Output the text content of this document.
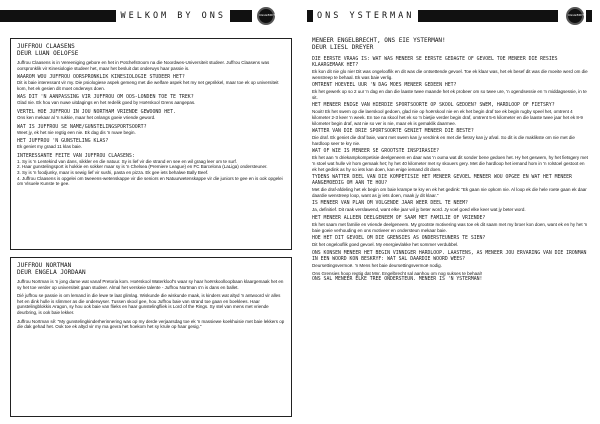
WELKOM BY ONS	CELEBRITY
JUFFROU CLAASENS
DEUR LUAN OELOFSE
Juffrou Claasens is in Vereeniging gebore en het in Potchefstroom na die Noordwes-Universiteit studeer. Juffrou Claasens was oorspronklik vir Kinesiologie studeer het, maar het besluit dat onderwys haar passie is.
WAAROM WOU JUFFROU OORSPRONKLIK KINESIOLOGIE STUDEER HET?
Dit is baie interessant vir my. Die psiologiese aspek gemeng met die welfare aspek het my net geprikkel, maar toe ek op universiteit kom, het ek gesien dit moet onderwys doen.
WAS DIT 'N AANPASSING VIR JUFFROU OM OOS-LONDEN TOE TE TREK?
Glad nie. Ek hou van nuwe uitdagings en het redelik goed by Hoërskool Grens aangepas.
VERTEL HOE JUFFROU IN JOU NORTHAM VRIENDE GEWOOND HET.
Ons ken mekaar al 'n rukkie, maar het onlangs goeie vriende geword.
WAT IS JUFFROU SE NAME/GUNSTELINGSPORTSOORT?
Weet jy, ek het nie regtig een nie. Ek dag dis 'n nuwe begin.
HET JUFFROU 'N GUNSTELING KLAS?
Ek geniet my graad 11 klas baie.
INTERESSANTE FEITE VAN JUFFROU CLAASENS:
1. Sy is 'n Lentekind van dans, sikkler en die natuur. Sy is lief vir die strand en see en wil graag leer om te surf.
2. Haar gunstelingsport is hokkie en sokker maar sy is 'n Chelsea (Premiere League) en FC Barcelona (LaLiga) ondersteuner.
3. Sy is 'n foodjunky, maar is sewig lief vir sushi, pasta en pizza. Ek gee iets behalwe Bally Beef.
4. Juffrou Claasens is opgelei om tweeens-wetenskappe vir die seniors en Natuurwetenskappe vir die juniors te gee en is ook opgelei om Visuele Kunste te gee.
JUFFROU NORTMAN
DEUR ENGELA JORDAAN
Juffrou Nortman is 'n jong dame wat vanaf Pretoria kom. Hoërskool Waterkloof's waar sy haar hoërskoolloopbaan klaargemaak het en sy het toe verder op universiteit gaan studeer. Almal het verskeie talente - Juffrou Nortman s'n is dans en ballet.
Dié juffrou se passie is om lemand in die lewe te laat glimlag. Wiskunde die wiskunde maak, is kinders wat altyd 'n antwoord vir alles het en dink hulle is slimmer as die onderwyser. Tussen skool gee, hou Juffrou baie van strand toe gaan en boeklees. Haar gunstelingblokkis Aragon, sy hou ook baie van flieks en haar gunstelingfliek is Lord of the Rings. Sy stel van mens met vriende deurbring, is ook baie lekker.
Juffrou Nortman sê: "My gunstelingkinderherinnering was op my derde verjaarsdag toe ek 'n massiewe koekhuisie met baie lekkers op die dak gehad het. Ook toe ek altyd vir my ma gevra het hoekom het sy krule op haar gesig."
ONS YSTERMAN	CELEBRITY
MENEER ENGELBRECHT, ONS EIE YSTERMAN!
DEUR LIESL DREYER
DIE EERSTE VRAAG IS: WAT WAS MENEER SE EERSTE GEDAGTE OF GEVOEL TOE MENEER DIE RESIES KLAARGEMAAK HET?
Ek kon dit nie glo nie! Dit was ongelooflik en dit was die ontsettende gevoel. Toe ek klaar was, het ek besef dit was die moeite werd om die wenstreep te behaal. Ek was baie verlig.
OMTRENT HOEVEEL UUR 'N DAG MOES MENEER GEDEEN HET?
Ek het gewerk op so 2 uur 'n dag en dan die laaste twee maande het ek probeer om so twee ure, 'n ogendsessie en 'n middagsessie, in te sit.
HET MENEER ENIGE VAN HIERDIE SPORTSOORTE OP SKOOL GEDOEN? SWEM, HARDLOOP OF FIETSRY?
Nooit! Ek het swem op die laerskool gedoen, glad nie op hoërskool nie en ek het begin draf toe ek begin rugby speel het, omtrent 4 kilometer 2-3 keer 'n week. En toe na skool het ek so 'n bietjie verder begin draf, omtrent 5-6 kilometer en die laaste twee jaar het ek 8-9 kilometer begin draf, wat nie so ver is nie, maar ek is gemaklik daarmee.
WATTER VAN DIE DRIE SPORTSOORTE GENIET MENEER DIE BESTE?
Die draf. Ek geniet die draf baie, want met swem kan jy verdrink en met die fietsry kan jy afval. So dit is die maklikste om nie met die hardloop seer te kry nie.
WAT OF WIE IS MENEER SE GROOTSTE INSPIRASIE?
Ek het aan 'n driekampkompetisie deelgeneem en daar was 'n ouma wat dit sonder bene gedoen het. Hy het geswem, hy het fietsgery met 'n stoel wat hulle vir hom gemaak het; hy het 40 kilometer met sy skouers gery. Met die hardloop het iemand hom in 'n rolstoel gestoot en ek het gedink as hy so iets kan doen, kan enige iemand dit doen.
TYDENS WATTER DEEL VAN DIE KOMPETISIE HET MENEER GEVOEL MENEER WOU OPGEE EN WAT HET MENEER AANGEMOEDIG OM AAN TE HOU?
Met die draf-afdeling het ek begin om baie krampe te kry en ek het gedink: "Ek gaan nie opkom nie. Al loop ek die hele roete gaan ek daar daardie wenstreep loop, want as jy iets doen, maak jy dit klaar."
IS MENEER VAN PLAN OM VOLGENDE JAAR WEER DEEL TE NEEM?
Ja, definitief. Dit raak verslawend, want elke jaar wil jy beter word. Jy voel goed elke keer wat jy beter word.
HET MENEER ALLEEN DEELGENEEM OF SAAM MET FAMILIE OF VRIENDE?
Ek het saam met familie en vriende deelgeneem. My grootste motivering was toe ek dit saam met my broer kon doen, want ek en hy het 'n baie goeie verhouding en ons motiveer en ondersteun mekaar baie.
HOE HET DIT GEVOEL OM DIE GRENSIES AS ONDERSTEUNERS TE SIEN?
Dit het ongelooflik goed gevoel. My energievlakke het sommer verdubbel.
ONS KONSEN MENEER HET BEGIN VINNIGER HARDLOOP. LAASTENS, AS MENEER JOU ERVARING VAN DIE IRONMAN IN EEN WOORD KON BESKRYF: WAT SAL DAARDIE WOORD WEES?
Deursettingsvermoë. 'n Mens het baie deursettingsvermoë nodig.
Ons Grensies hoop regtig dat Mnr. Engelbrecht sal aanhou om nog sukses te behaal!
ONS SAL MENEER ELKE TREE ONDERSTEUN. MENEER IS 'N YSTERMAN!
